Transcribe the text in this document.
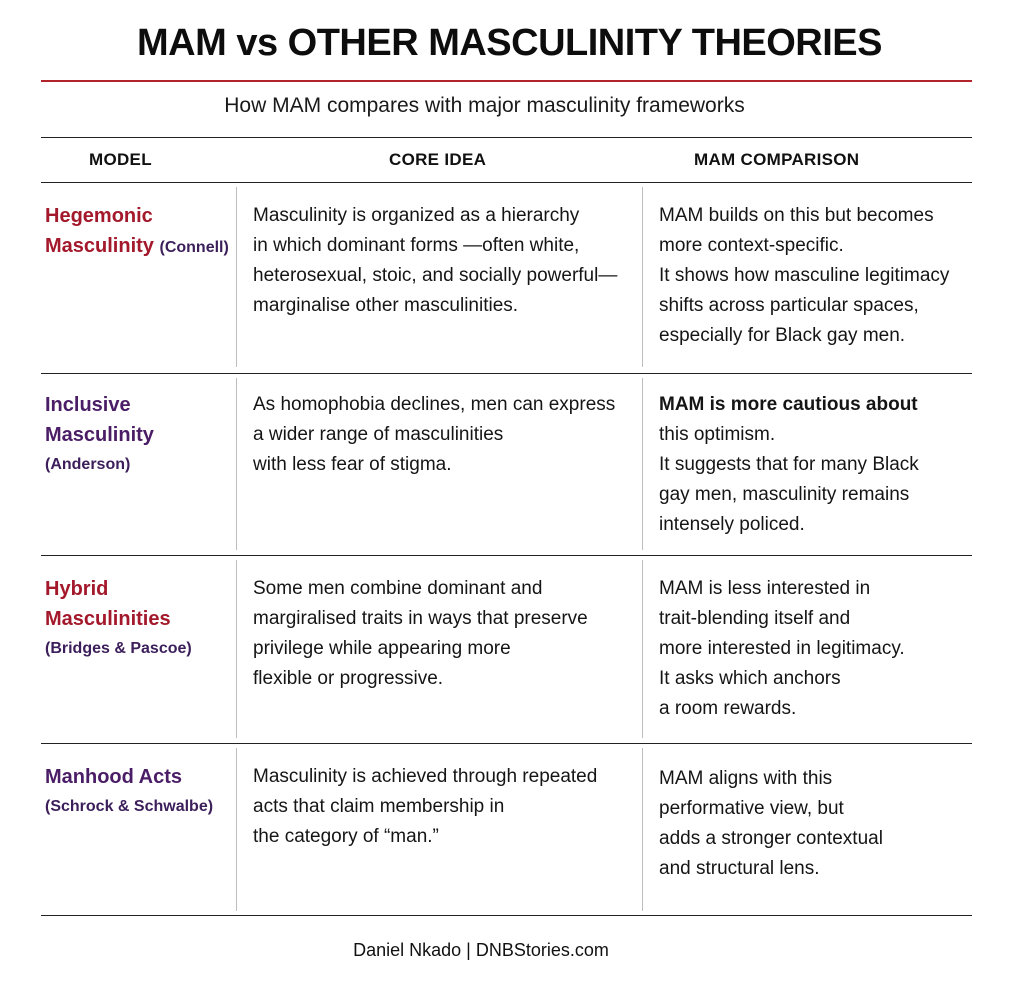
MAM vs OTHER MASCULINITY THEORIES
How MAM compares with major masculinity frameworks
MODEL	CORE IDEA	MAM COMPARISON
Hegemonic
Masculinity (Connell)
Masculinity is organized as a hierarchy
in which dominant forms —often white,
heterosexual, stoic, and socially powerful—
marginalise other masculinities.
MAM builds on this but becomes
more context-specific.
It shows how masculine legitimacy
shifts across particular spaces,
especially for Black gay men.
Inclusive
Masculinity
(Anderson)
As homophobia declines, men can express
a wider range of masculinities
with less fear of stigma.
MAM is more cautious about
this optimism.
It suggests that for many Black
gay men, masculinity remains
intensely policed.
Hybrid
Masculinities
(Bridges & Pascoe)
Some men combine dominant and
margiralised traits in ways that preserve
privilege while appearing more
flexible or progressive.
MAM is less interested in
trait-blending itself and
more interested in legitimacy.
It asks which anchors
a room rewards.
Manhood Acts
(Schrock & Schwalbe)
Masculinity is achieved through repeated
acts that claim membership in
the category of “man.”
MAM aligns with this
performative view, but
adds a stronger contextual
and structural lens.
Daniel Nkado | DNBStories.com
